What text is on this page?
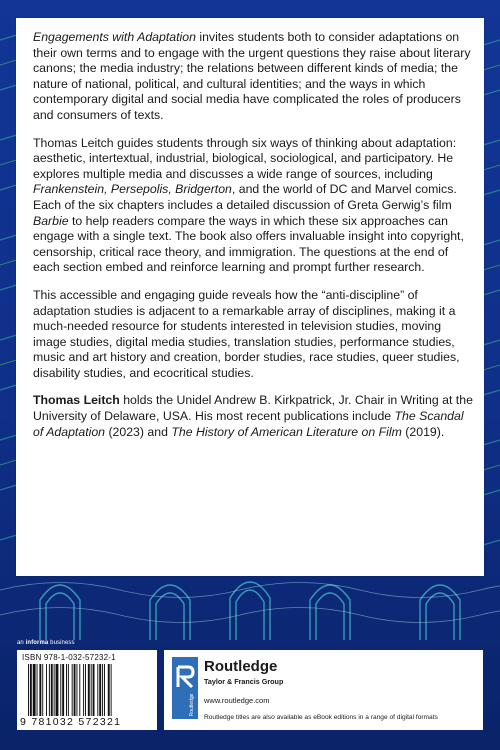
Engagements with Adaptation invites students both to consider adaptations on their own terms and to engage with the urgent questions they raise about literary canons; the media industry; the relations between different kinds of media; the nature of national, political, and cultural identities; and the ways in which contemporary digital and social media have complicated the roles of producers and consumers of texts.

Thomas Leitch guides students through six ways of thinking about adaptation: aesthetic, intertextual, industrial, biological, sociological, and participatory. He explores multiple media and discusses a wide range of sources, including Frankenstein, Persepolis, Bridgerton, and the world of DC and Marvel comics. Each of the six chapters includes a detailed discussion of Greta Gerwig’s film Barbie to help readers compare the ways in which these six approaches can engage with a single text. The book also offers invaluable insight into copyright, censorship, critical race theory, and immigration. The questions at the end of each section embed and reinforce learning and prompt further research.

This accessible and engaging guide reveals how the “anti-discipline” of adaptation studies is adjacent to a remarkable array of disciplines, making it a much-needed resource for students interested in television studies, moving image studies, digital media studies, translation studies, performance studies, music and art history and creation, border studies, race studies, queer studies, disability studies, and ecocritical studies.

Thomas Leitch holds the Unidel Andrew B. Kirkpatrick, Jr. Chair in Writing at the University of Delaware, USA. His most recent publications include The Scandal of Adaptation (2023) and The History of American Literature on Film (2019).

an informa business
ISBN 978-1-032-57232-1
9 781032 572321
Routledge
Routledge
Taylor & Francis Group
www.routledge.com
Routledge titles are also available as eBook editions in a range of digital formats
